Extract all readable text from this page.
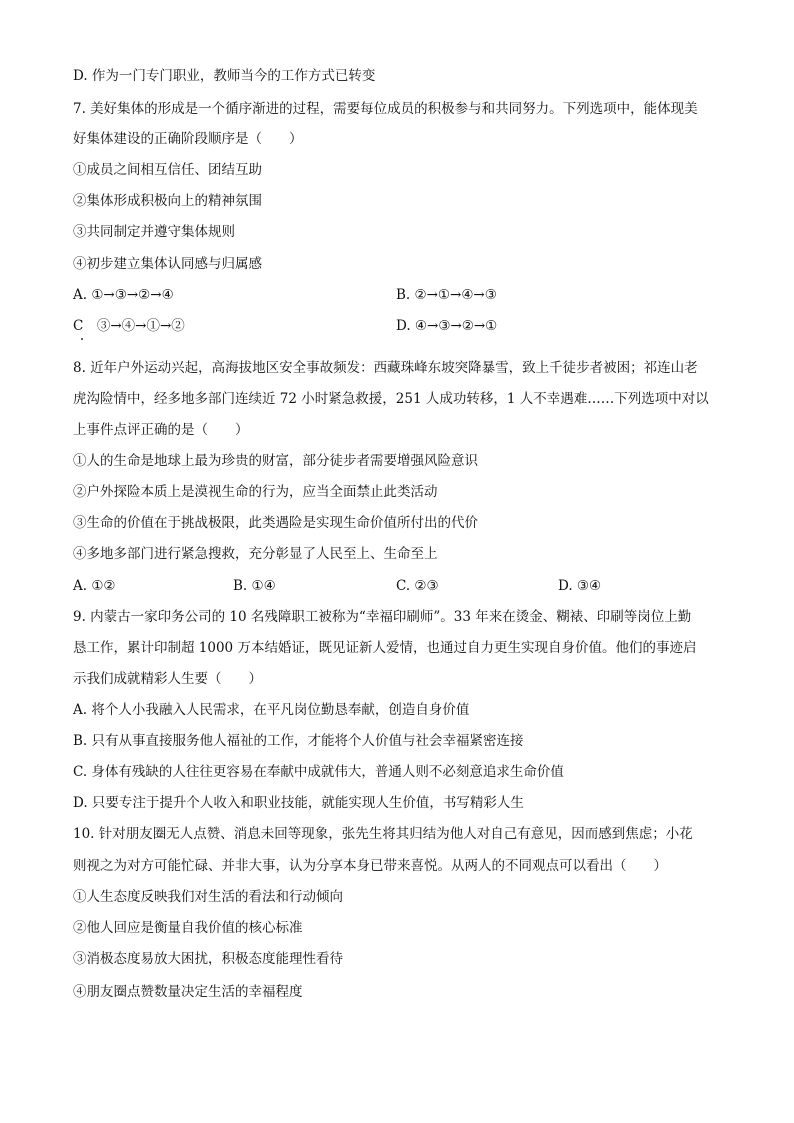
D. 作为一门专门职业，教师当今的工作方式已转变
7. 美好集体的形成是一个循序渐进的过程，需要每位成员的积极参与和共同努力。下列选项中，能体现美
好集体建设的正确阶段顺序是（　　）
①成员之间相互信任、团结互助
②集体形成积极向上的精神氛围
③共同制定并遵守集体规则
④初步建立集体认同感与归属感
A. ①→③→②→④	B. ②→①→④→③
C　③→④→①→②	D. ④→③→②→①
8. 近年户外运动兴起，高海拔地区安全事故频发：西藏珠峰东坡突降暴雪，致上千徒步者被困；祁连山老
虎沟险情中，经多地多部门连续近 72 小时紧急救援，251 人成功转移，1 人不幸遇难……下列选项中对以
上事件点评正确的是（　　）
①人的生命是地球上最为珍贵的财富，部分徒步者需要增强风险意识
②户外探险本质上是漠视生命的行为，应当全面禁止此类活动
③生命的价值在于挑战极限，此类遇险是实现生命价值所付出的代价
④多地多部门进行紧急搜救，充分彰显了人民至上、生命至上
A. ①②	B. ①④	C. ②③	D. ③④
9. 内蒙古一家印务公司的 10 名残障职工被称为“幸福印刷师”。33 年来在烫金、糊裱、印刷等岗位上勤
恳工作，累计印制超 1000 万本结婚证，既见证新人爱情，也通过自力更生实现自身价值。他们的事迹启
示我们成就精彩人生要（　　）
A. 将个人小我融入人民需求，在平凡岗位勤恳奉献，创造自身价值
B. 只有从事直接服务他人福祉的工作，才能将个人价值与社会幸福紧密连接
C. 身体有残缺的人往往更容易在奉献中成就伟大，普通人则不必刻意追求生命价值
D. 只要专注于提升个人收入和职业技能，就能实现人生价值，书写精彩人生
10. 针对朋友圈无人点赞、消息未回等现象，张先生将其归结为他人对自己有意见，因而感到焦虑；小花
则视之为对方可能忙碌、并非大事，认为分享本身已带来喜悦。从两人的不同观点可以看出（　　）
①人生态度反映我们对生活的看法和行动倾向
②他人回应是衡量自我价值的核心标准
③消极态度易放大困扰，积极态度能理性看待
④朋友圈点赞数量决定生活的幸福程度
